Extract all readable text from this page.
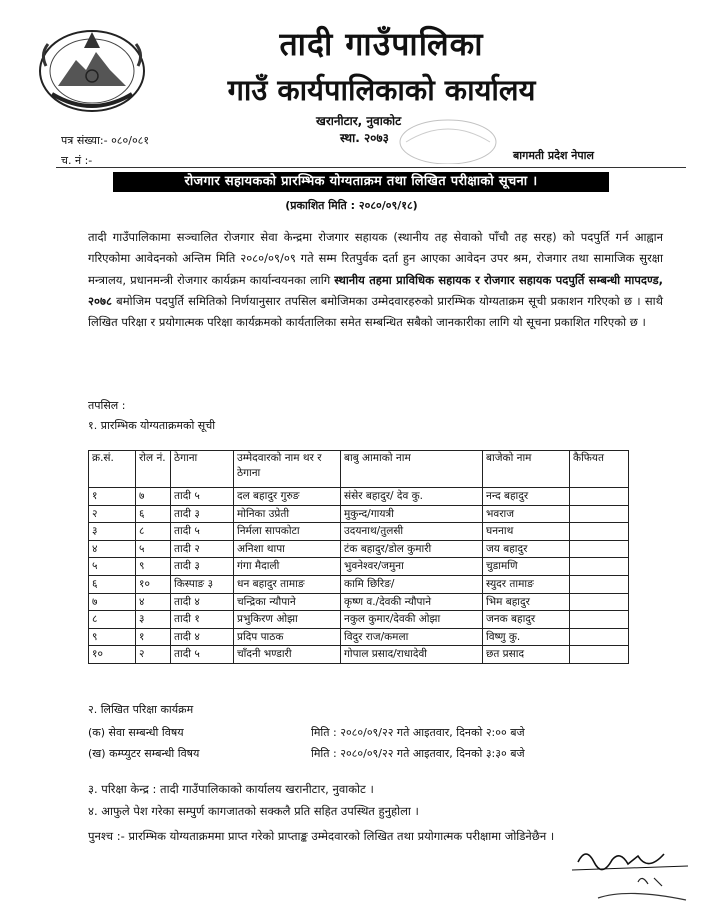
तादी गाउँपालिका
गाउँ कार्यपालिकाको कार्यालय
खरानीटार, नुवाकोट
स्था. २०७३
पत्र संख्या:- ०८०/०८१
च. नं :-	बागमती प्रदेश नेपाल
रोजगार सहायकको प्रारम्भिक योग्यताक्रम तथा लिखित परीक्षाको सूचना ।
(प्रकाशित मिति : २०८०/०९/१८)
तादी गाउँपालिकामा सञ्चालित रोजगार सेवा केन्द्रमा रोजगार सहायक (स्थानीय तह सेवाको पाँचौ तह सरह) को पदपुर्ति गर्न आह्वान गरिएकोमा आवेदनको अन्तिम मिति २०८०/०९/०९ गते सम्म रितपुर्वक दर्ता हुन आएका आवेदन उपर श्रम, रोजगार तथा सामाजिक सुरक्षा मन्त्रालय, प्रधानमन्त्री रोजगार कार्यक्रम कार्यान्वयनका लागि स्थानीय तहमा प्राविधिक सहायक र रोजगार सहायक पदपुर्ति सम्बन्धी मापदण्ड, २०७८ बमोजिम पदपुर्ति समितिको निर्णयानुसार तपसिल बमोजिमका उम्मेदवारहरुको प्रारम्भिक योग्यताक्रम सूची प्रकाशन गरिएको छ । साथै लिखित परिक्षा र प्रयोगात्मक परिक्षा कार्यक्रमको कार्यतालिका समेत सम्बन्धित सबैको जानकारीका लागि यो सूचना प्रकाशित गरिएको छ ।
तपसिल :
१. प्रारम्भिक योग्यताक्रमको सूची
क्र.सं.	रोल नं.	ठेगाना	उम्मेदवारको नाम थर र ठेगाना	बाबु आमाको नाम	बाजेको नाम	कैफियत
१	७	तादी ५	दल बहादुर गुरुङ	संसेर बहादुर/ देव कु.	नन्द बहादुर	
२	६	तादी ३	मोनिका उप्रेती	मुकुन्द/गायत्री	भवराज	
३	८	तादी ५	निर्मला सापकोटा	उदयनाथ/तुलसी	घननाथ	
४	५	तादी २	अनिशा थापा	टंक बहादुर/डोल कुमारी	जय बहादुर	
५	९	तादी ३	गंगा मैदाली	भुवनेश्वर/जमुना	चुडामणि	
६	१०	किस्पाङ ३	धन बहादुर तामाङ	कामि छिरिङ/	स्युदर तामाङ	
७	४	तादी ४	चन्द्रिका न्यौपाने	कृष्ण व./देवकी न्यौपाने	भिम बहादुर	
८	३	तादी १	प्रभुकिरण ओझा	नकुल कुमार/देवकी ओझा	जनक बहादुर	
९	१	तादी ४	प्रदिप पाठक	विदुर राज/कमला	विष्णु कु.	
१०	२	तादी ५	चाँदनी भण्डारी	गोपाल प्रसाद/राधादेवी	छत प्रसाद	
२. लिखित परिक्षा कार्यक्रम
(क) सेवा सम्बन्धी विषय	मिति : २०८०/०९/२२ गते आइतवार, दिनको २:०० बजे
(ख) कम्प्युटर सम्बन्धी विषय	मिति : २०८०/०९/२२ गते आइतवार, दिनको ३:३० बजे
३. परिक्षा केन्द्र : तादी गाउँपालिकाको कार्यालय खरानीटार, नुवाकोट ।
४. आफुले पेश गरेका सम्पुर्ण कागजातको सक्कलै प्रति सहित उपस्थित हुनुहोला ।
पुनश्च :- प्रारम्भिक योग्यताक्रममा प्राप्त गरेको प्राप्ताङ्क उम्मेदवारको लिखित तथा प्रयोगात्मक परीक्षामा जोडिनेछैन ।
